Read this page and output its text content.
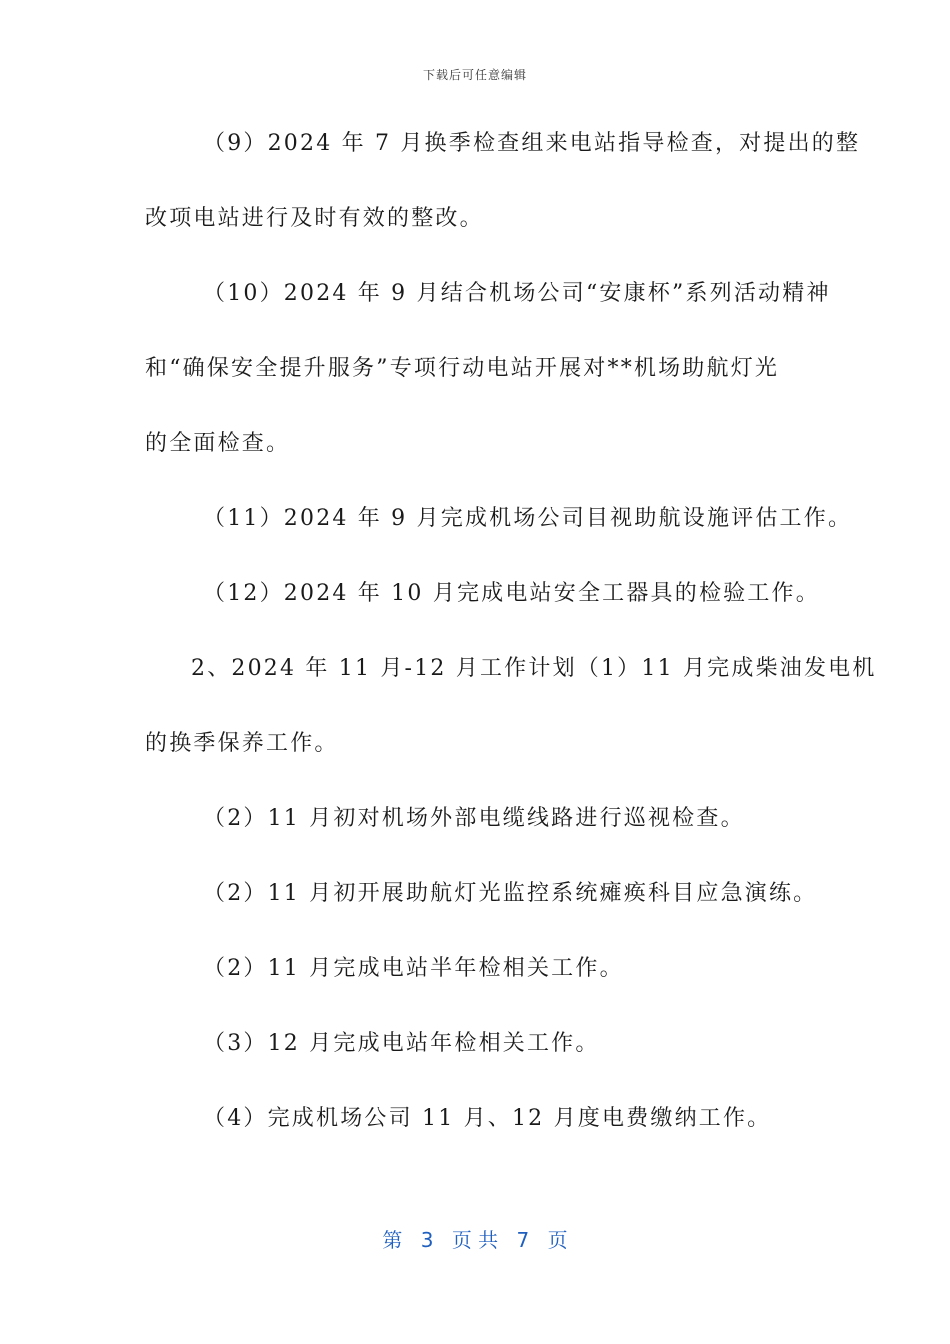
下载后可任意编辑
（9）2024 年 7 月换季检查组来电站指导检查，对提出的整
改项电站进行及时有效的整改。
（10）2024 年 9 月结合机场公司“安康杯”系列活动精神
和“确保安全提升服务”专项行动电站开展对**机场助航灯光
的全面检查。
（11）2024 年 9 月完成机场公司目视助航设施评估工作。
（12）2024 年 10 月完成电站安全工器具的检验工作。
2、2024 年 11 月-12 月工作计划（1）11 月完成柴油发电机
的换季保养工作。
（2）11 月初对机场外部电缆线路进行巡视检查。
（2）11 月初开展助航灯光监控系统瘫痪科目应急演练。
（2）11 月完成电站半年检相关工作。
（3）12 月完成电站年检相关工作。
（4）完成机场公司 11 月、12 月度电费缴纳工作。
第 3 页 共 7 页
